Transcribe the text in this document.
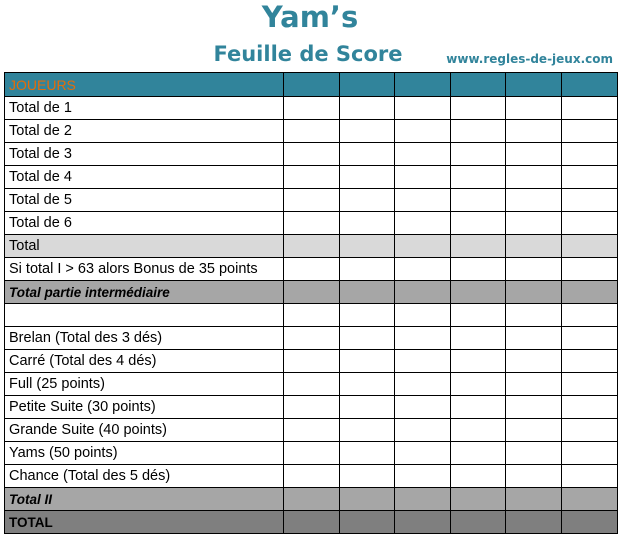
Yam’s
Feuille de Score	www.regles-de-jeux.com
JOUEURS						
Total de 1						
Total de 2						
Total de 3						
Total de 4						
Total de 5						
Total de 6						
Total						
Si total I > 63 alors Bonus de 35 points						
Total partie intermédiaire						

Brelan (Total des 3 dés)						
Carré (Total des 4 dés)						
Full (25 points)						
Petite Suite (30 points)						
Grande Suite (40 points)						
Yams (50 points)						
Chance (Total des 5 dés)						
Total II						
TOTAL						
